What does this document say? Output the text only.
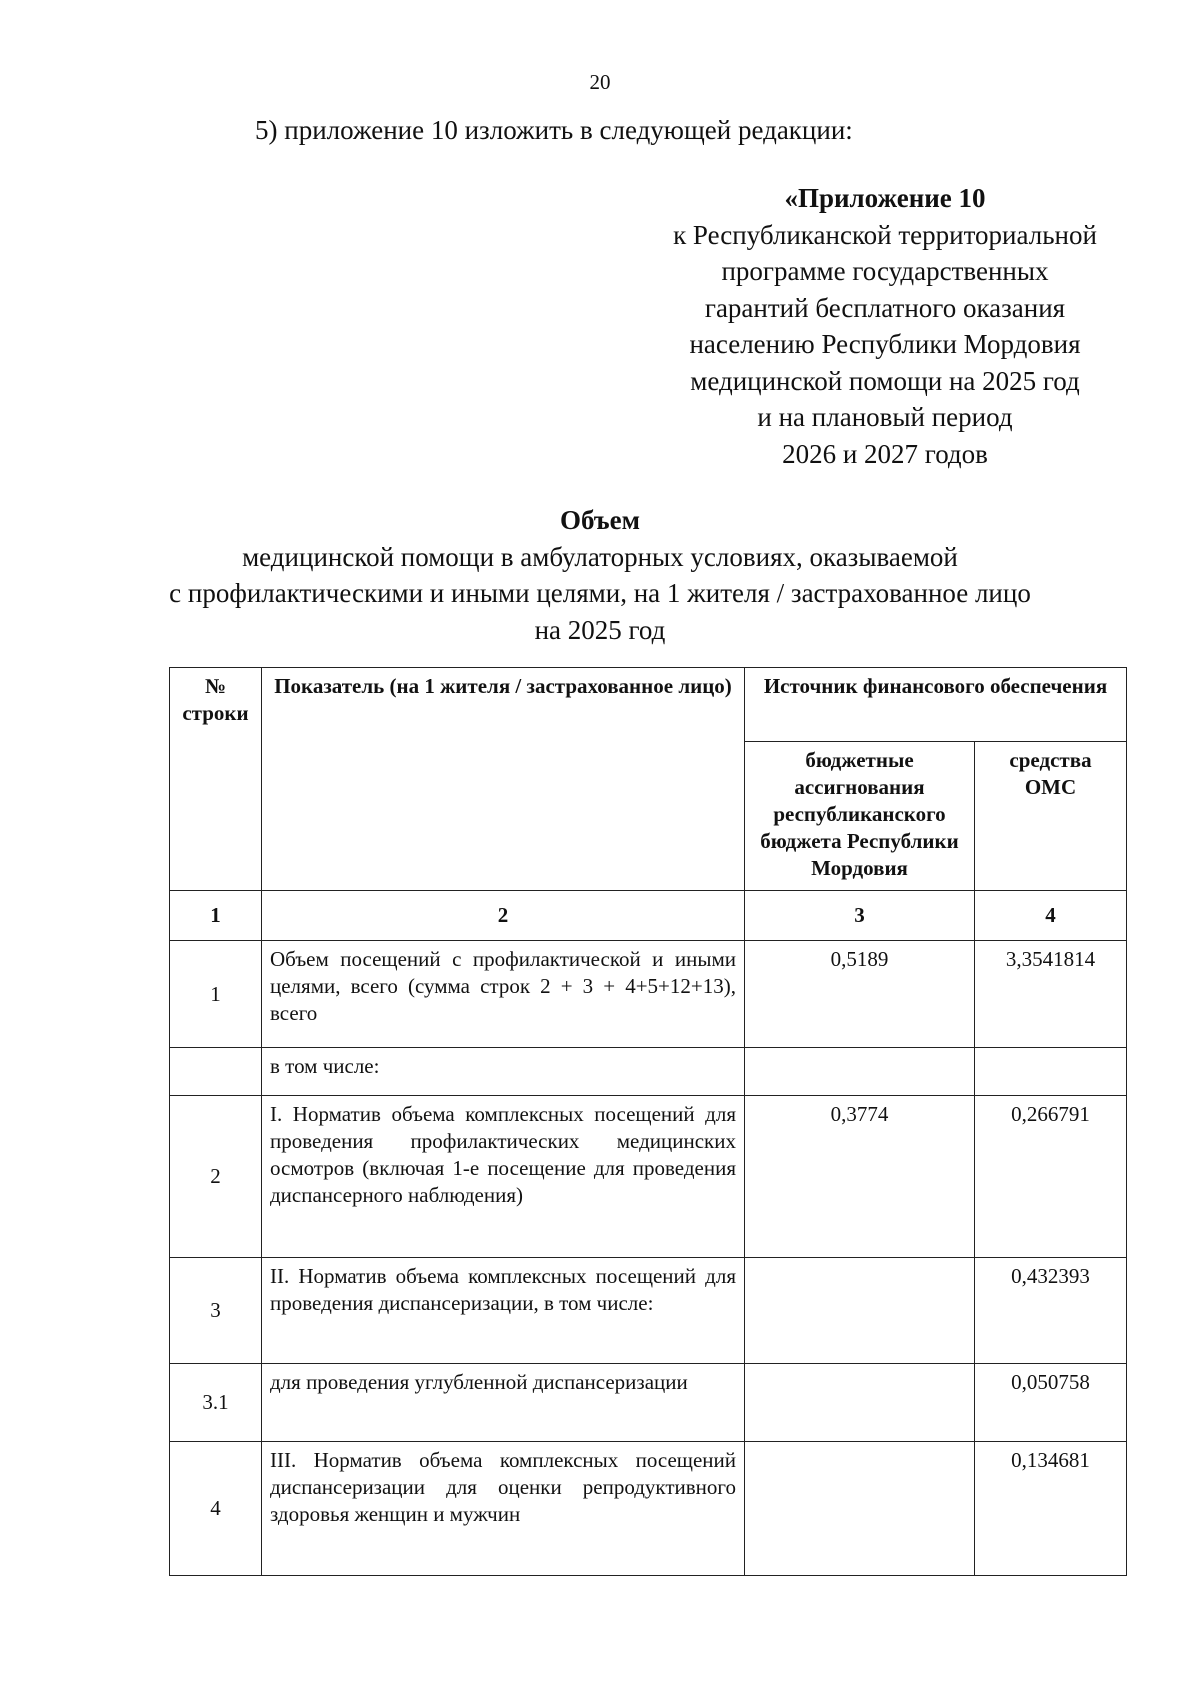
20
5) приложение 10 изложить в следующей редакции:
«Приложение 10
к Республиканской территориальной
программе государственных
гарантий бесплатного оказания
населению Республики Мордовия
медицинской помощи на 2025 год
и на плановый период
2026 и 2027 годов
Объем
медицинской помощи в амбулаторных условиях, оказываемой
с профилактическими и иными целями, на 1 жителя / застрахованное лицо
на 2025 год
№ строки	Показатель (на 1 жителя / застрахованное лицо)	Источник финансового обеспечения	
		бюджетные ассигнования республиканского бюджета Республики Мордовия	средства ОМС
1	2	3	4
1	Объем посещений с профилактической и иными целями, всего (сумма строк 2 + 3 + 4+5+12+13), всего	0,5189	3,3541814
	в том числе:		
2	I. Норматив объема комплексных посещений для проведения профилактических медицинских осмотров (включая 1-е посещение для проведения диспансерного наблюдения)	0,3774	0,266791
3	II. Норматив объема комплексных посещений для проведения диспансеризации, в том числе:		0,432393
3.1	для проведения углубленной диспансеризации		0,050758
4	III. Норматив объема комплексных посещений диспансеризации для оценки репродуктивного здоровья женщин и мужчин		0,134681
